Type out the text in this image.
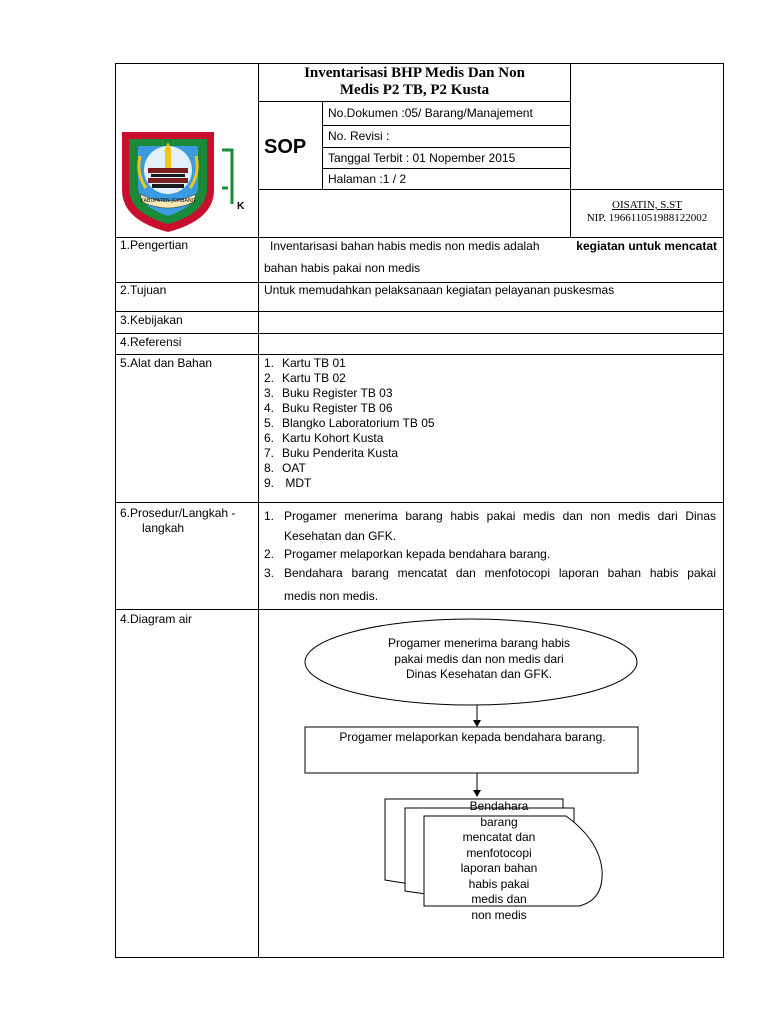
KABUPATEN JOMBANG	K
Inventarisasi BHP Medis Dan Non
Medis P2 TB, P2 Kusta
SOP
No.Dokumen :05/ Barang/Manajement
No. Revisi :
Tanggal Terbit : 01 Nopember 2015
Halaman :1 / 2
OISATIN, S.ST
NIP. 196611051988122002
1.Pengertian	Inventarisasi bahan habis medis non medis adalah	kegiatan untuk mencatat
bahan habis pakai non medis
2.Tujuan	Untuk memudahkan pelaksanaan kegiatan pelayanan puskesmas
3.Kebijakan
4.Referensi
5.Alat dan Bahan	1. Kartu TB 01
2. Kartu TB 02
3. Buku Register TB 03
4. Buku Register TB 06
5. Blangko Laboratorium TB 05
6. Kartu Kohort Kusta
7. Buku Penderita Kusta
8. OAT
9. MDT
6.Prosedur/Langkah -
langkah
1. Progamer menerima barang habis pakai medis dan non medis dari Dinas
Kesehatan dan GFK.
2. Progamer melaporkan kepada bendahara barang.
3. Bendahara barang mencatat dan menfotocopi laporan bahan habis pakai
medis non medis.
4.Diagram air
Progamer menerima barang habis
pakai medis dan non medis dari
Dinas Kesehatan dan GFK.
Progamer melaporkan kepada bendahara barang.
Bendahara
barang
mencatat dan
menfotocopi
laporan bahan
habis pakai
medis dan
non medis
